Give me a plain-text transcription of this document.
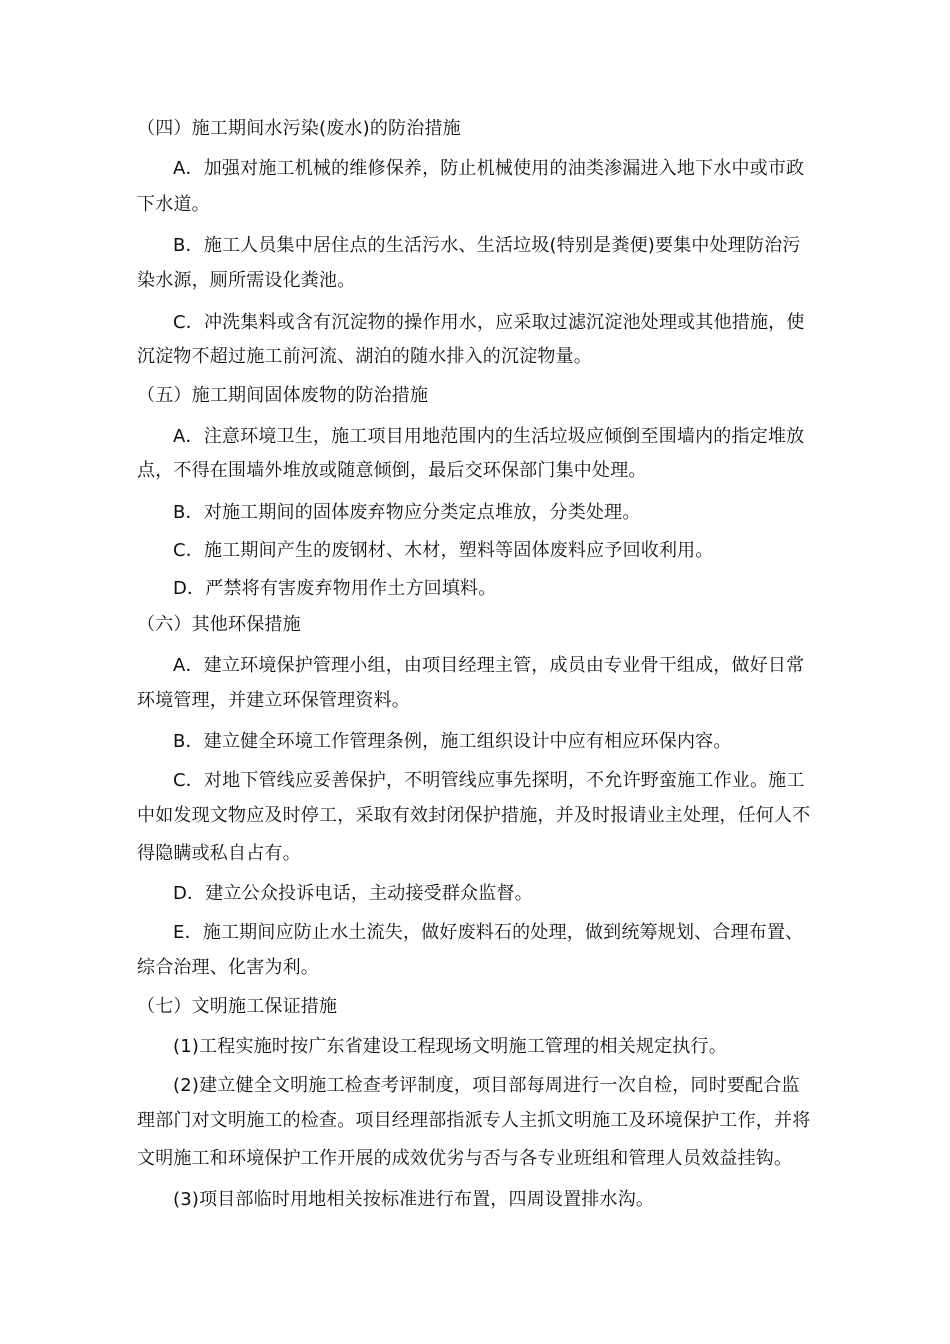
（四）施工期间水污染(废水)的防治措施
A．加强对施工机械的维修保养，防止机械使用的油类渗漏进入地下水中或市政
下水道。
B．施工人员集中居住点的生活污水、生活垃圾(特别是粪便)要集中处理防治污
染水源，厕所需设化粪池。
C．冲洗集料或含有沉淀物的操作用水，应采取过滤沉淀池处理或其他措施，使
沉淀物不超过施工前河流、湖泊的随水排入的沉淀物量。
（五）施工期间固体废物的防治措施
A．注意环境卫生，施工项目用地范围内的生活垃圾应倾倒至围墙内的指定堆放
点，不得在围墙外堆放或随意倾倒，最后交环保部门集中处理。
B．对施工期间的固体废弃物应分类定点堆放，分类处理。
C．施工期间产生的废钢材、木材，塑料等固体废料应予回收利用。
D．严禁将有害废弃物用作土方回填料。
（六）其他环保措施
A．建立环境保护管理小组，由项目经理主管，成员由专业骨干组成，做好日常
环境管理，并建立环保管理资料。
B．建立健全环境工作管理条例，施工组织设计中应有相应环保内容。
C．对地下管线应妥善保护，不明管线应事先探明，不允许野蛮施工作业。施工
中如发现文物应及时停工，采取有效封闭保护措施，并及时报请业主处理，任何人不
得隐瞒或私自占有。
D．建立公众投诉电话，主动接受群众监督。
E．施工期间应防止水土流失，做好废料石的处理，做到统筹规划、合理布置、
综合治理、化害为利。
（七）文明施工保证措施
(1)工程实施时按广东省建设工程现场文明施工管理的相关规定执行。
(2)建立健全文明施工检查考评制度，项目部每周进行一次自检，同时要配合监
理部门对文明施工的检查。项目经理部指派专人主抓文明施工及环境保护工作，并将
文明施工和环境保护工作开展的成效优劣与否与各专业班组和管理人员效益挂钩。
(3)项目部临时用地相关按标准进行布置，四周设置排水沟。
